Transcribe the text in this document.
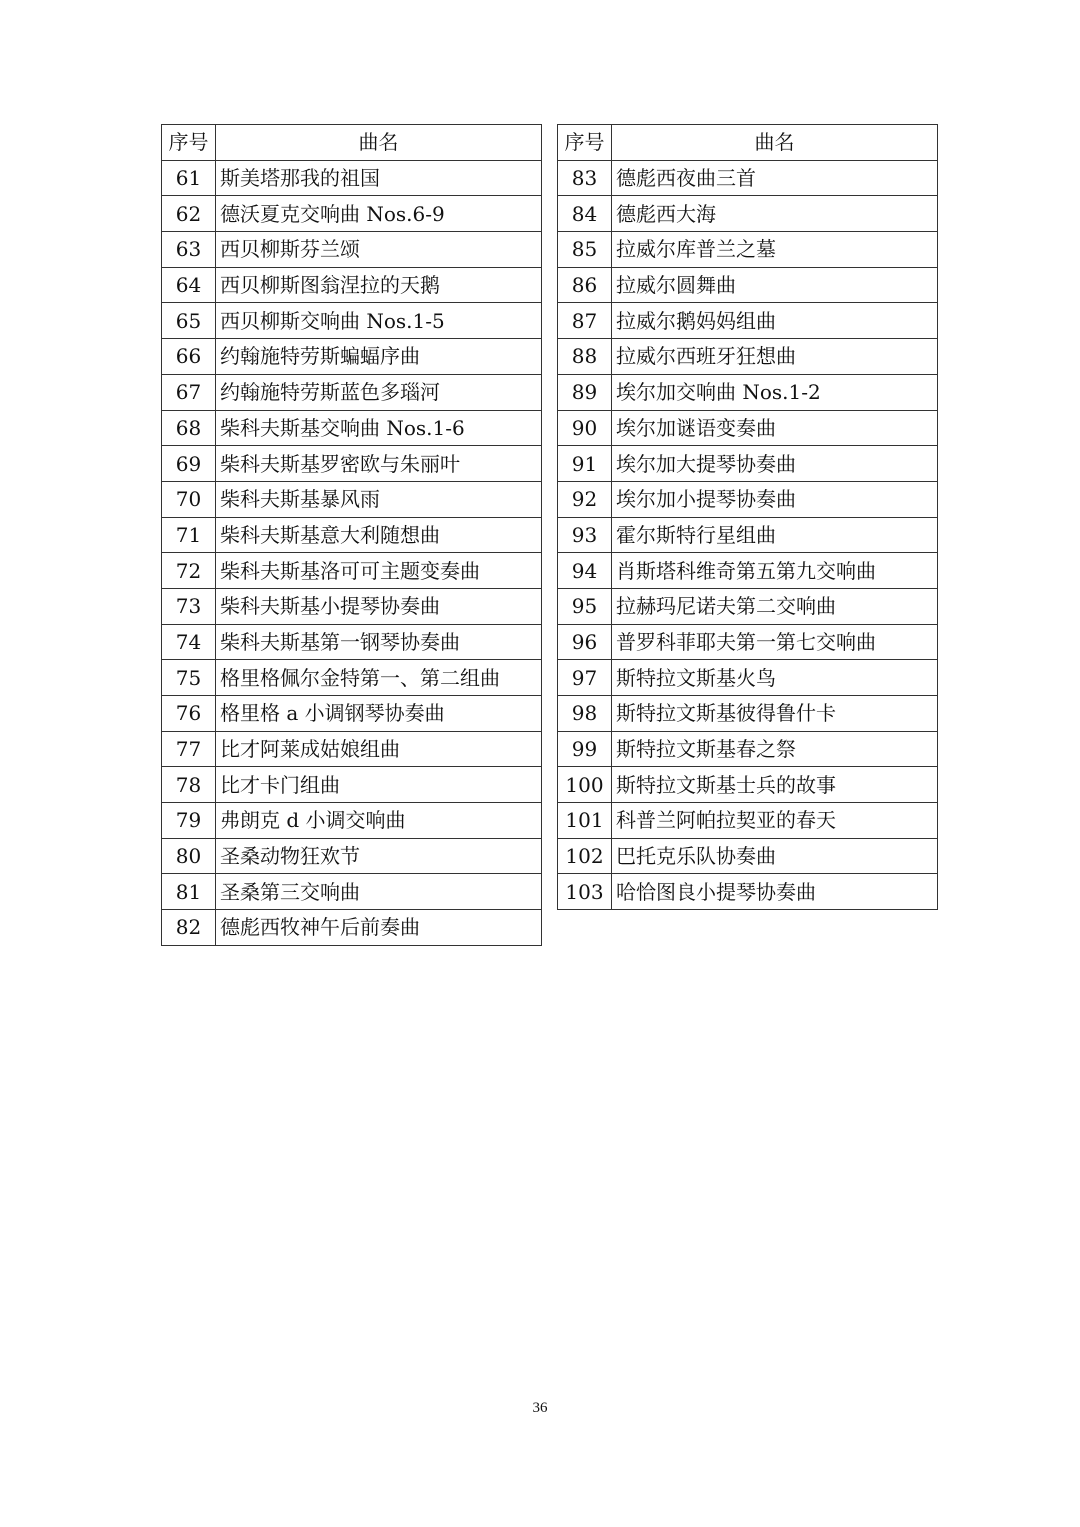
序号	曲名
61	斯美塔那我的祖国
62	德沃夏克交响曲 Nos.6-9
63	西贝柳斯芬兰颂
64	西贝柳斯图翁涅拉的天鹅
65	西贝柳斯交响曲 Nos.1-5
66	约翰施特劳斯蝙蝠序曲
67	约翰施特劳斯蓝色多瑙河
68	柴科夫斯基交响曲 Nos.1-6
69	柴科夫斯基罗密欧与朱丽叶
70	柴科夫斯基暴风雨
71	柴科夫斯基意大利随想曲
72	柴科夫斯基洛可可主题变奏曲
73	柴科夫斯基小提琴协奏曲
74	柴科夫斯基第一钢琴协奏曲
75	格里格佩尔金特第一、第二组曲
76	格里格 a 小调钢琴协奏曲
77	比才阿莱成姑娘组曲
78	比才卡门组曲
79	弗朗克 d 小调交响曲
80	圣桑动物狂欢节
81	圣桑第三交响曲
82	德彪西牧神午后前奏曲
序号	曲名
83	德彪西夜曲三首
84	德彪西大海
85	拉威尔库普兰之墓
86	拉威尔圆舞曲
87	拉威尔鹅妈妈组曲
88	拉威尔西班牙狂想曲
89	埃尔加交响曲 Nos.1-2
90	埃尔加谜语变奏曲
91	埃尔加大提琴协奏曲
92	埃尔加小提琴协奏曲
93	霍尔斯特行星组曲
94	肖斯塔科维奇第五第九交响曲
95	拉赫玛尼诺夫第二交响曲
96	普罗科菲耶夫第一第七交响曲
97	斯特拉文斯基火鸟
98	斯特拉文斯基彼得鲁什卡
99	斯特拉文斯基春之祭
100	斯特拉文斯基士兵的故事
101	科普兰阿帕拉契亚的春天
102	巴托克乐队协奏曲
103	哈恰图良小提琴协奏曲
36
